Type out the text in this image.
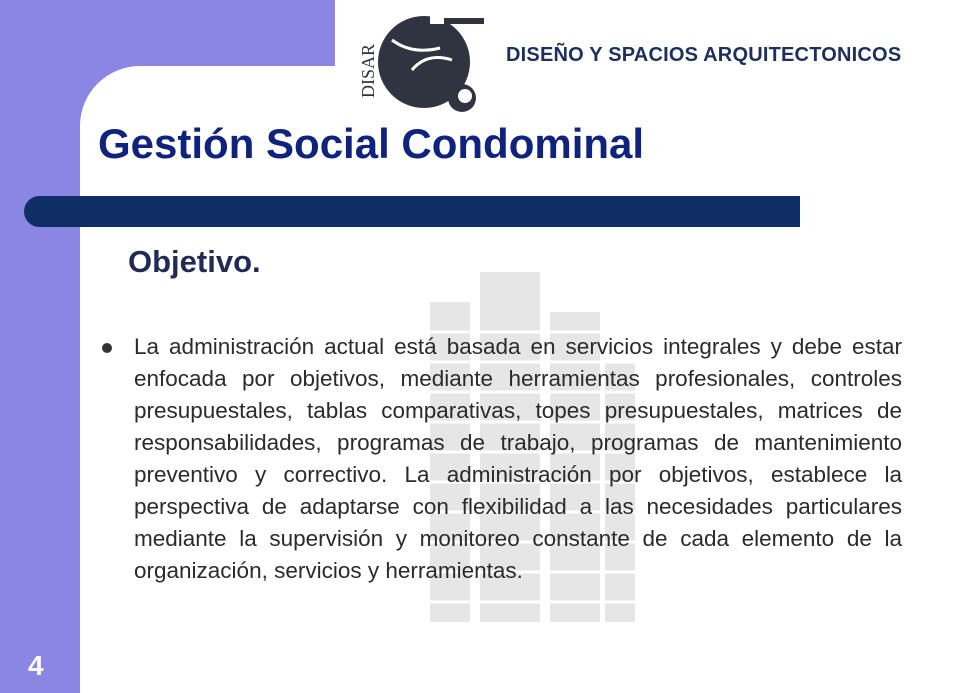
4
DISAR	DISEÑO Y SPACIOS ARQUITECTONICOS
Gestión Social Condominal
Objetivo.
La administración actual está basada en servicios integrales y debe estar enfocada por objetivos, mediante herramientas profesionales, controles presupuestales, tablas comparativas, topes presupuestales, matrices de responsabilidades, programas de trabajo, programas de mantenimiento preventivo y correctivo. La administración por objetivos, establece la perspectiva de adaptarse con flexibilidad a las necesidades particulares mediante la supervisión y monitoreo constante de cada elemento de la organización, servicios y herramientas.
